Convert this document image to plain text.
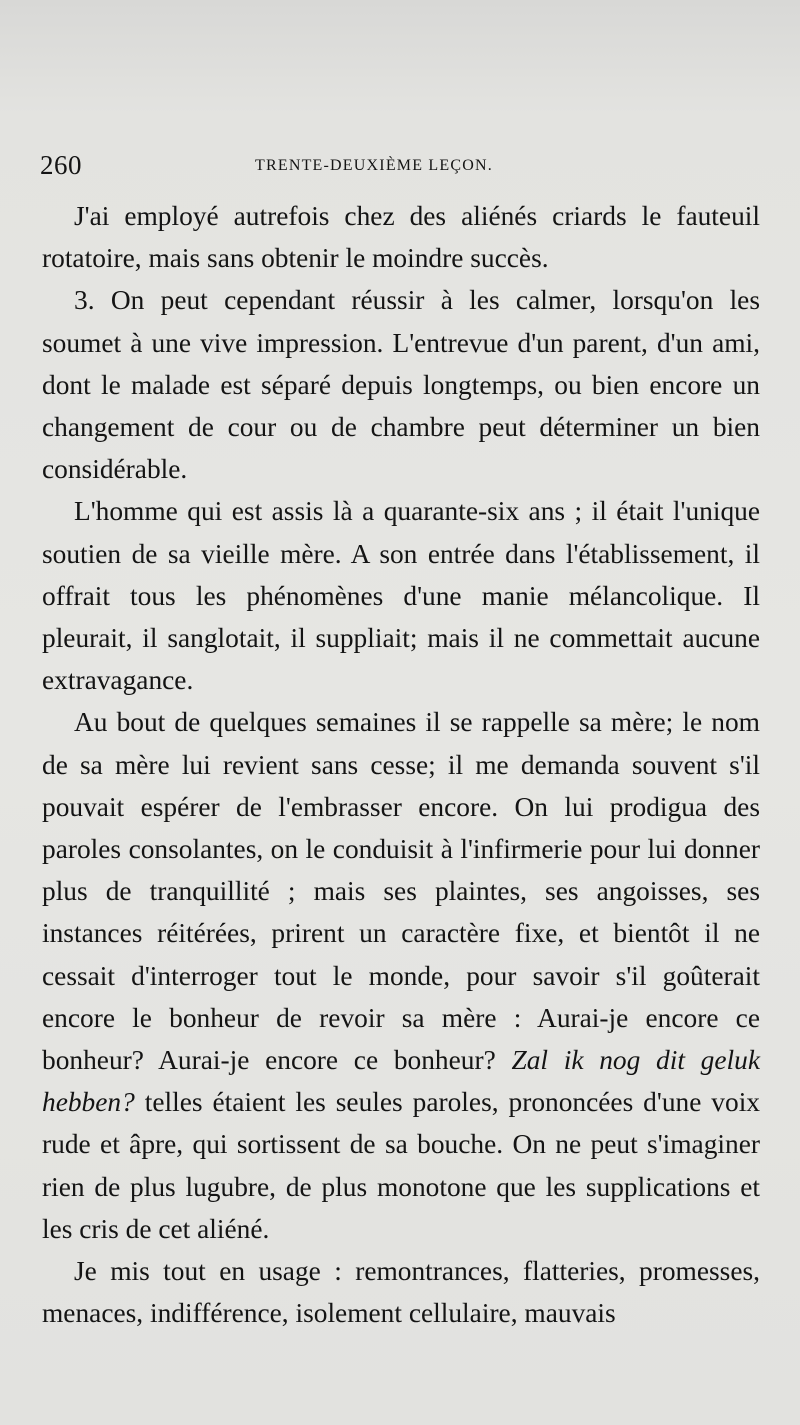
260	TRENTE-DEUXIÈME LEÇON.

J'ai employé autrefois chez des aliénés criards le fauteuil rotatoire, mais sans obtenir le moindre succès.

3. On peut cependant réussir à les calmer, lorsqu'on les soumet à une vive impression. L'entrevue d'un parent, d'un ami, dont le malade est séparé depuis longtemps, ou bien encore un changement de cour ou de chambre peut déterminer un bien considérable.

L'homme qui est assis là a quarante-six ans ; il était l'unique soutien de sa vieille mère. A son entrée dans l'établissement, il offrait tous les phénomènes d'une manie mélancolique. Il pleurait, il sanglotait, il suppliait; mais il ne commettait aucune extravagance.

Au bout de quelques semaines il se rappelle sa mère; le nom de sa mère lui revient sans cesse; il me demanda souvent s'il pouvait espérer de l'embrasser encore. On lui prodigua des paroles consolantes, on le conduisit à l'infirmerie pour lui donner plus de tranquillité ; mais ses plaintes, ses angoisses, ses instances réitérées, prirent un caractère fixe, et bientôt il ne cessait d'interroger tout le monde, pour savoir s'il goûterait encore le bonheur de revoir sa mère : Aurai-je encore ce bonheur? Aurai-je encore ce bonheur? Zal ik nog dit geluk hebben? telles étaient les seules paroles, prononcées d'une voix rude et âpre, qui sortissent de sa bouche. On ne peut s'imaginer rien de plus lugubre, de plus monotone que les supplications et les cris de cet aliéné.

Je mis tout en usage : remontrances, flatteries, promesses, menaces, indifférence, isolement cellulaire, mauvais
